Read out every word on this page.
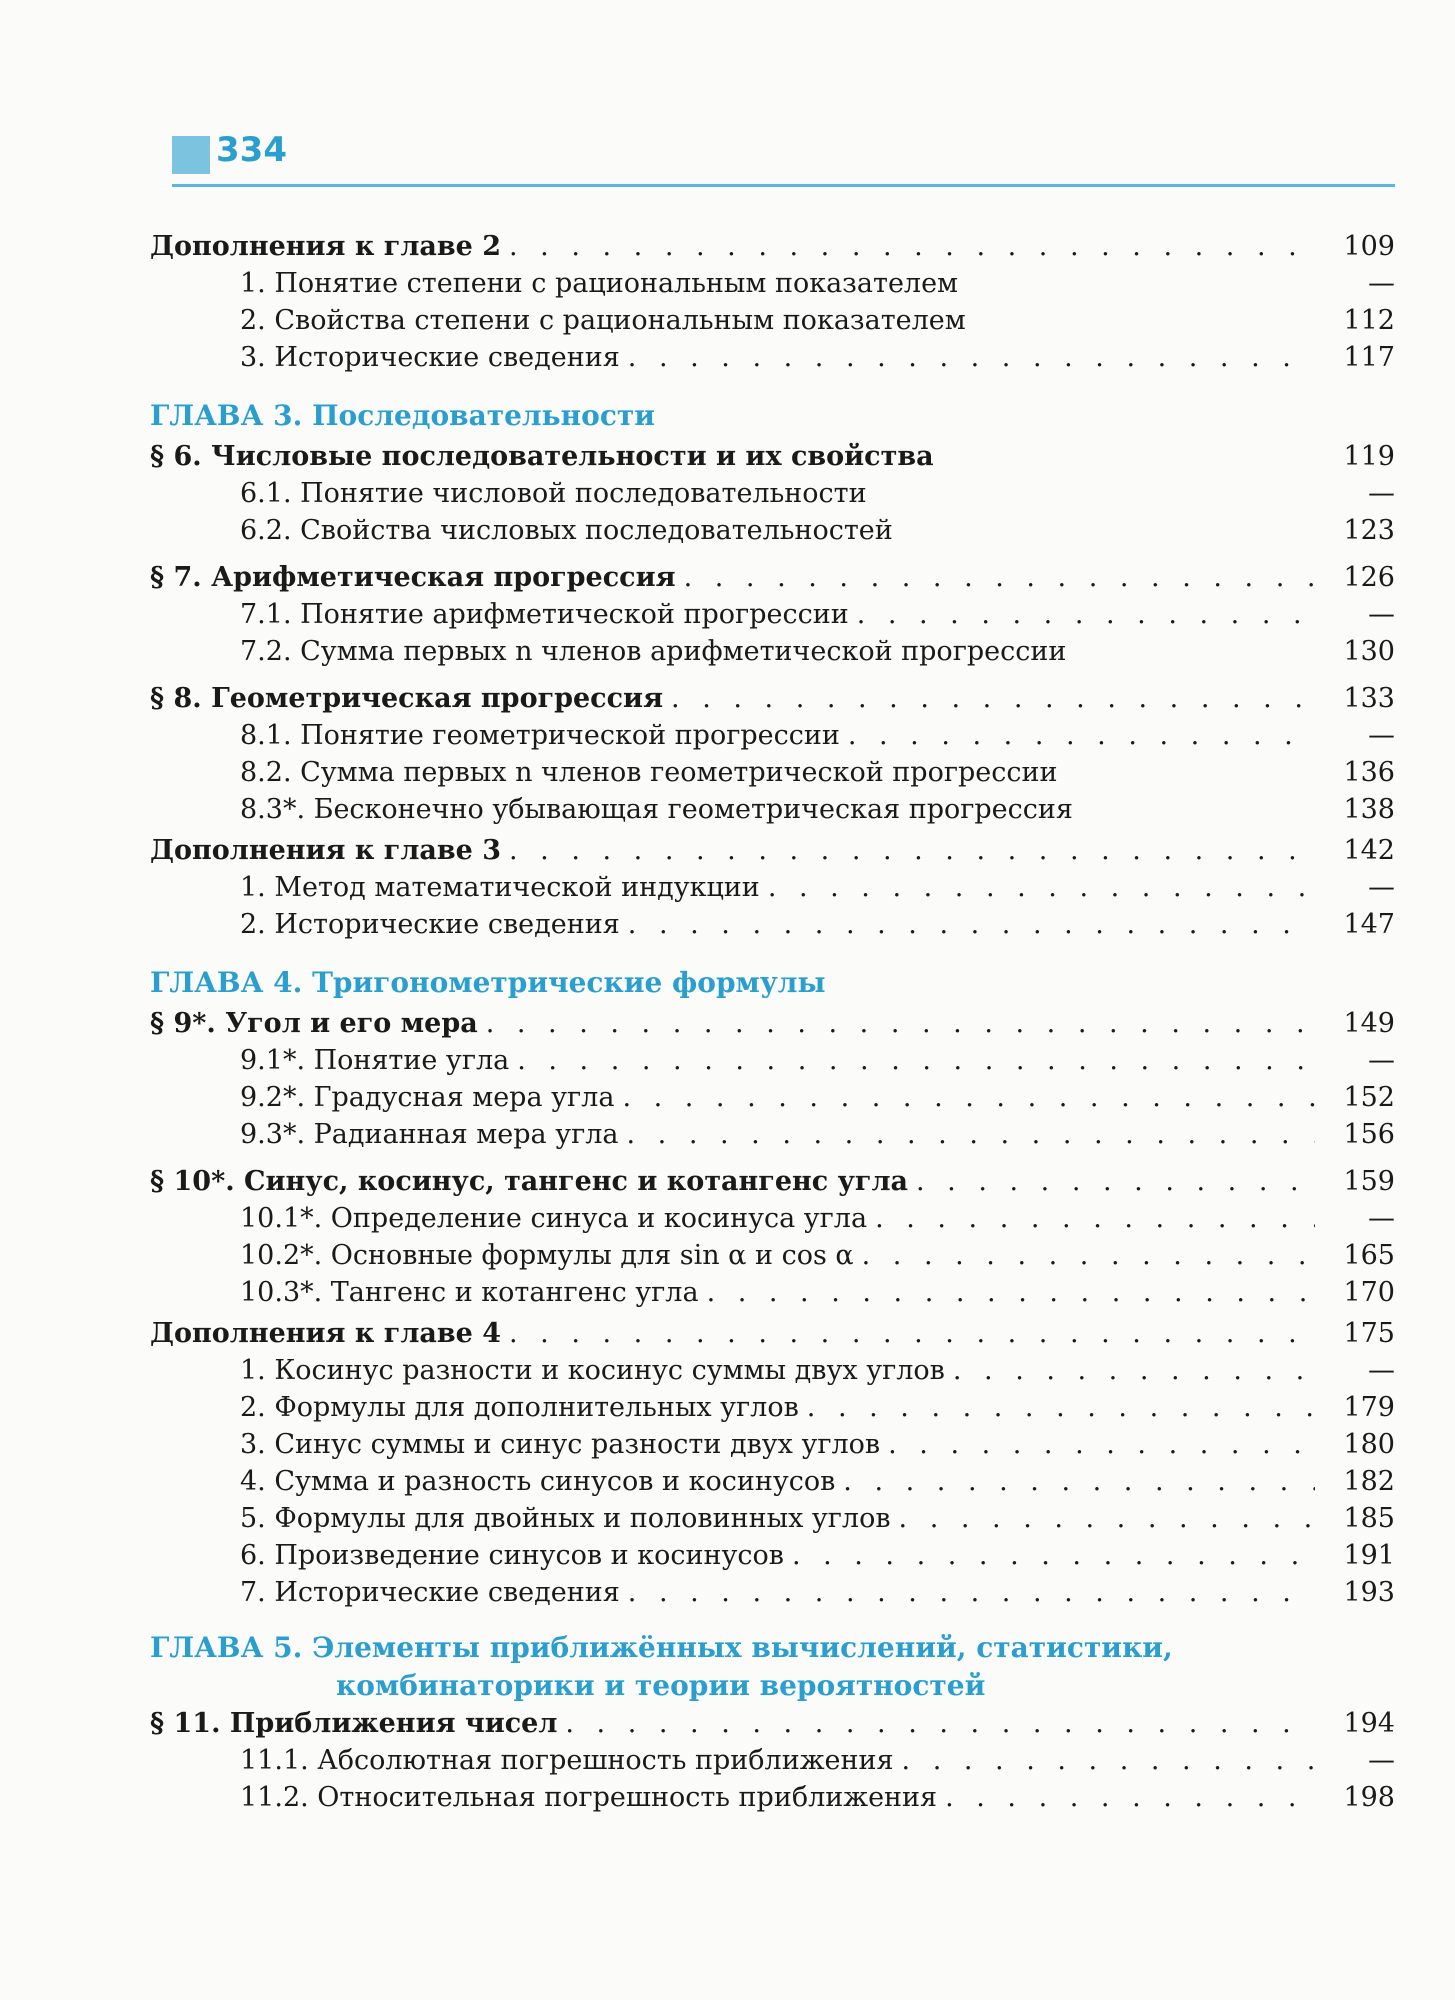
334
Дополнения к главе 2 . . .	109
1. Понятие степени с рациональным показателем	—
2. Свойства степени с рациональным показателем	112
3. Исторические сведения . . .	117
ГЛАВА 3. Последовательности
§ 6. Числовые последовательности и их свойства	119
6.1. Понятие числовой последовательности	—
6.2. Свойства числовых последовательностей	123
§ 7. Арифметическая прогрессия . . .	126
7.1. Понятие арифметической прогрессии . . .	—
7.2. Сумма первых n членов арифметической прогрессии	130
§ 8. Геометрическая прогрессия . . .	133
8.1. Понятие геометрической прогрессии . . .	—
8.2. Сумма первых n членов геометрической прогрессии	136
8.3*. Бесконечно убывающая геометрическая прогрессия	138
Дополнения к главе 3 . . .	142
1. Метод математической индукции . . .	—
2. Исторические сведения . . .	147
ГЛАВА 4. Тригонометрические формулы
§ 9*. Угол и его мера . . .	149
9.1*. Понятие угла . . .	—
9.2*. Градусная мера угла . . .	152
9.3*. Радианная мера угла . . .	156
§ 10*. Синус, косинус, тангенс и котангенс угла . . .	159
10.1*. Определение синуса и косинуса угла . . .	—
10.2*. Основные формулы для sin α и cos α . . .	165
10.3*. Тангенс и котангенс угла . . .	170
Дополнения к главе 4 . . .	175
1. Косинус разности и косинус суммы двух углов . . .	—
2. Формулы для дополнительных углов . . .	179
3. Синус суммы и синус разности двух углов . . .	180
4. Сумма и разность синусов и косинусов . . .	182
5. Формулы для двойных и половинных углов . . .	185
6. Произведение синусов и косинусов . . .	191
7. Исторические сведения . . .	193
ГЛАВА 5. Элементы приближённых вычислений, статистики,
комбинаторики и теории вероятностей
§ 11. Приближения чисел . . .	194
11.1. Абсолютная погрешность приближения . . .	—
11.2. Относительная погрешность приближения . . .	198
